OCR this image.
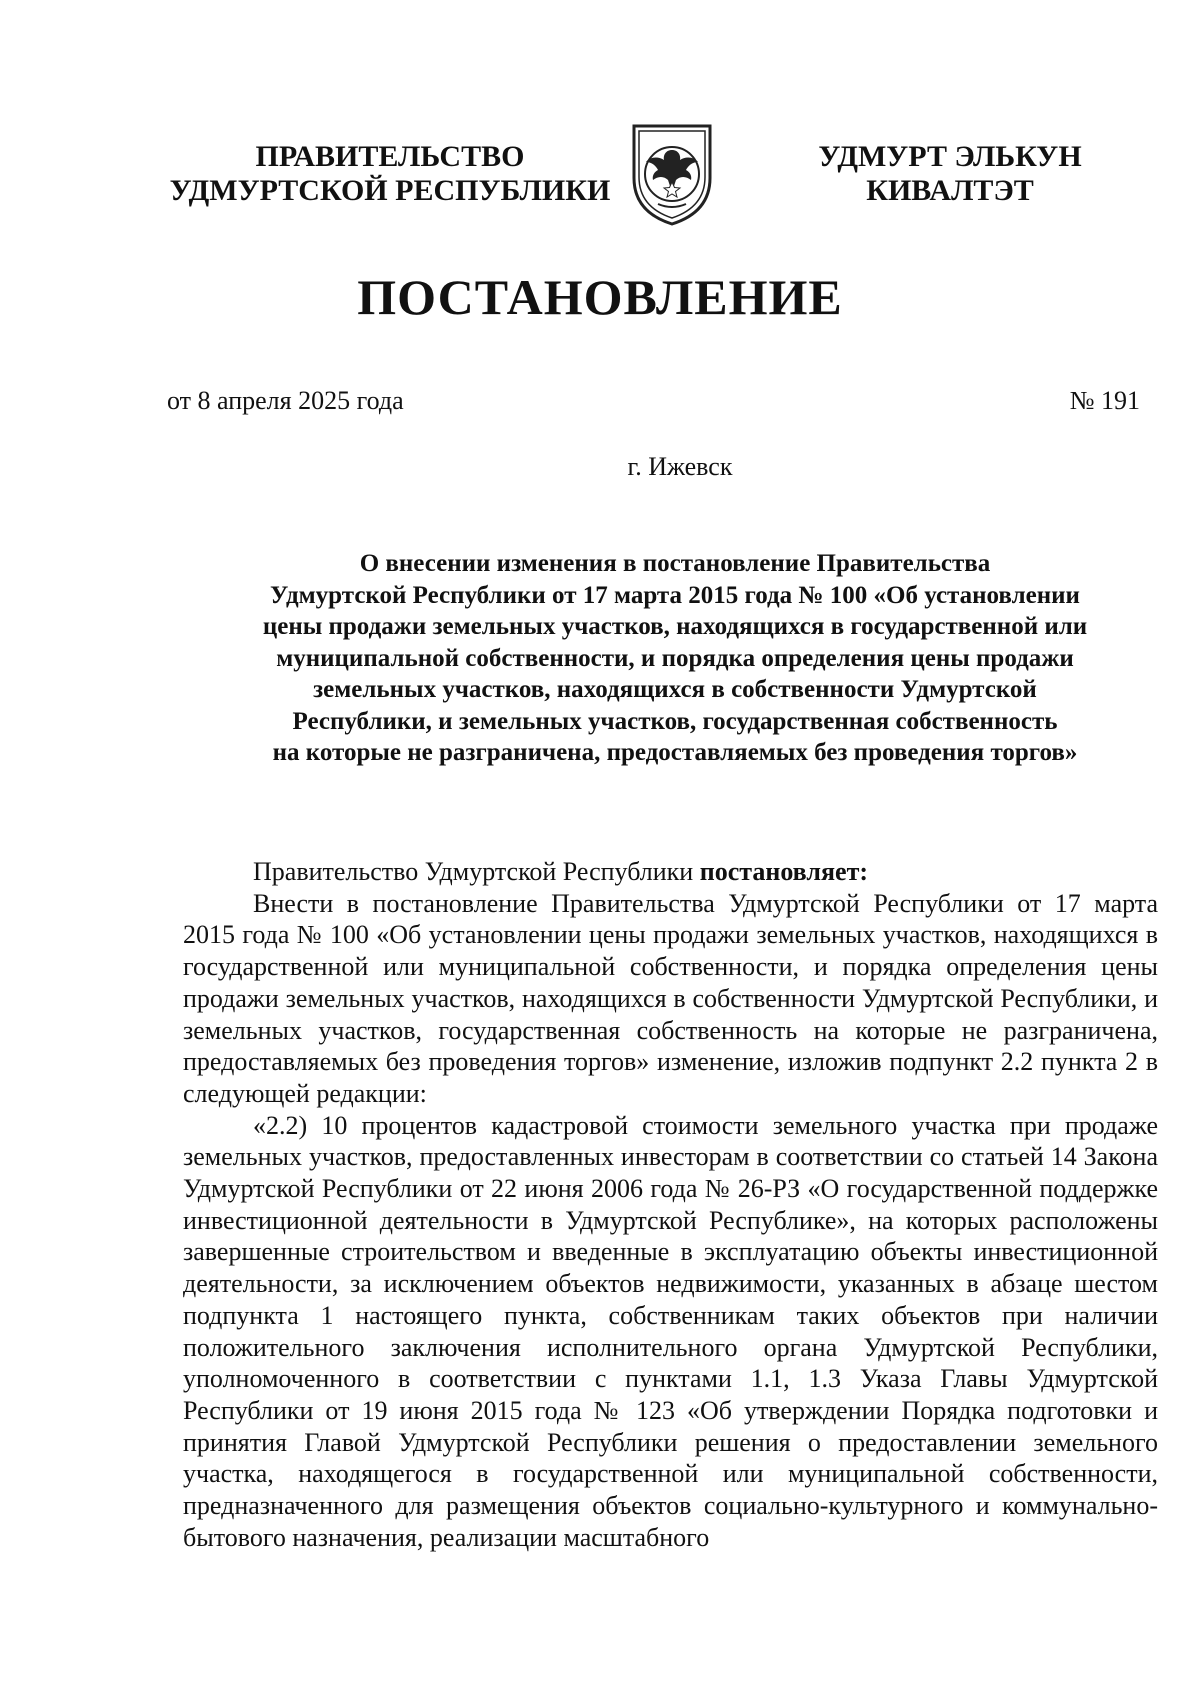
ПРАВИТЕЛЬСТВО
УДМУРТСКОЙ РЕСПУБЛИКИ
УДМУРТ ЭЛЬКУН
КИВАЛТЭТ
ПОСТАНОВЛЕНИЕ
от 8 апреля 2025 года	№ 191
г. Ижевск
О внесении изменения в постановление Правительства
Удмуртской Республики от 17 марта 2015 года № 100 «Об установлении
цены продажи земельных участков, находящихся в государственной или
муниципальной собственности, и порядка определения цены продажи
земельных участков, находящихся в собственности Удмуртской
Республики, и земельных участков, государственная собственность
на которые не разграничена, предоставляемых без проведения торгов»

Правительство Удмуртской Республики постановляет:

Внести в постановление Правительства Удмуртской Республики от 17 марта 2015 года № 100 «Об установлении цены продажи земельных участков, находящихся в государственной или муниципальной собственности, и порядка определения цены продажи земельных участков, находящихся в собственности Удмуртской Республики, и земельных участков, государственная собственность на которые не разграничена, предоставляемых без проведения торгов» изменение, изложив подпункт 2.2 пункта 2 в следующей редакции:

«2.2) 10 процентов кадастровой стоимости земельного участка при продаже земельных участков, предоставленных инвесторам в соответствии со статьей 14 Закона Удмуртской Республики от 22 июня 2006 года № 26-РЗ «О государственной поддержке инвестиционной деятельности в Удмуртской Республике», на которых расположены завершенные строительством и введенные в эксплуатацию объекты инвестиционной деятельности, за исключением объектов недвижимости, указанных в абзаце шестом подпункта 1 настоящего пункта, собственникам таких объектов при наличии положительного заключения исполнительного органа Удмуртской Республики, уполномоченного в соответствии с пунктами 1.1, 1.3 Указа Главы Удмуртской Республики от 19 июня 2015 года № 123 «Об утверждении Порядка подготовки и принятия Главой Удмуртской Республики решения о предоставлении земельного участка, находящегося в государственной или муниципальной собственности, предназначенного для размещения объектов социально-культурного и коммунально-бытового назначения, реализации масштабного
